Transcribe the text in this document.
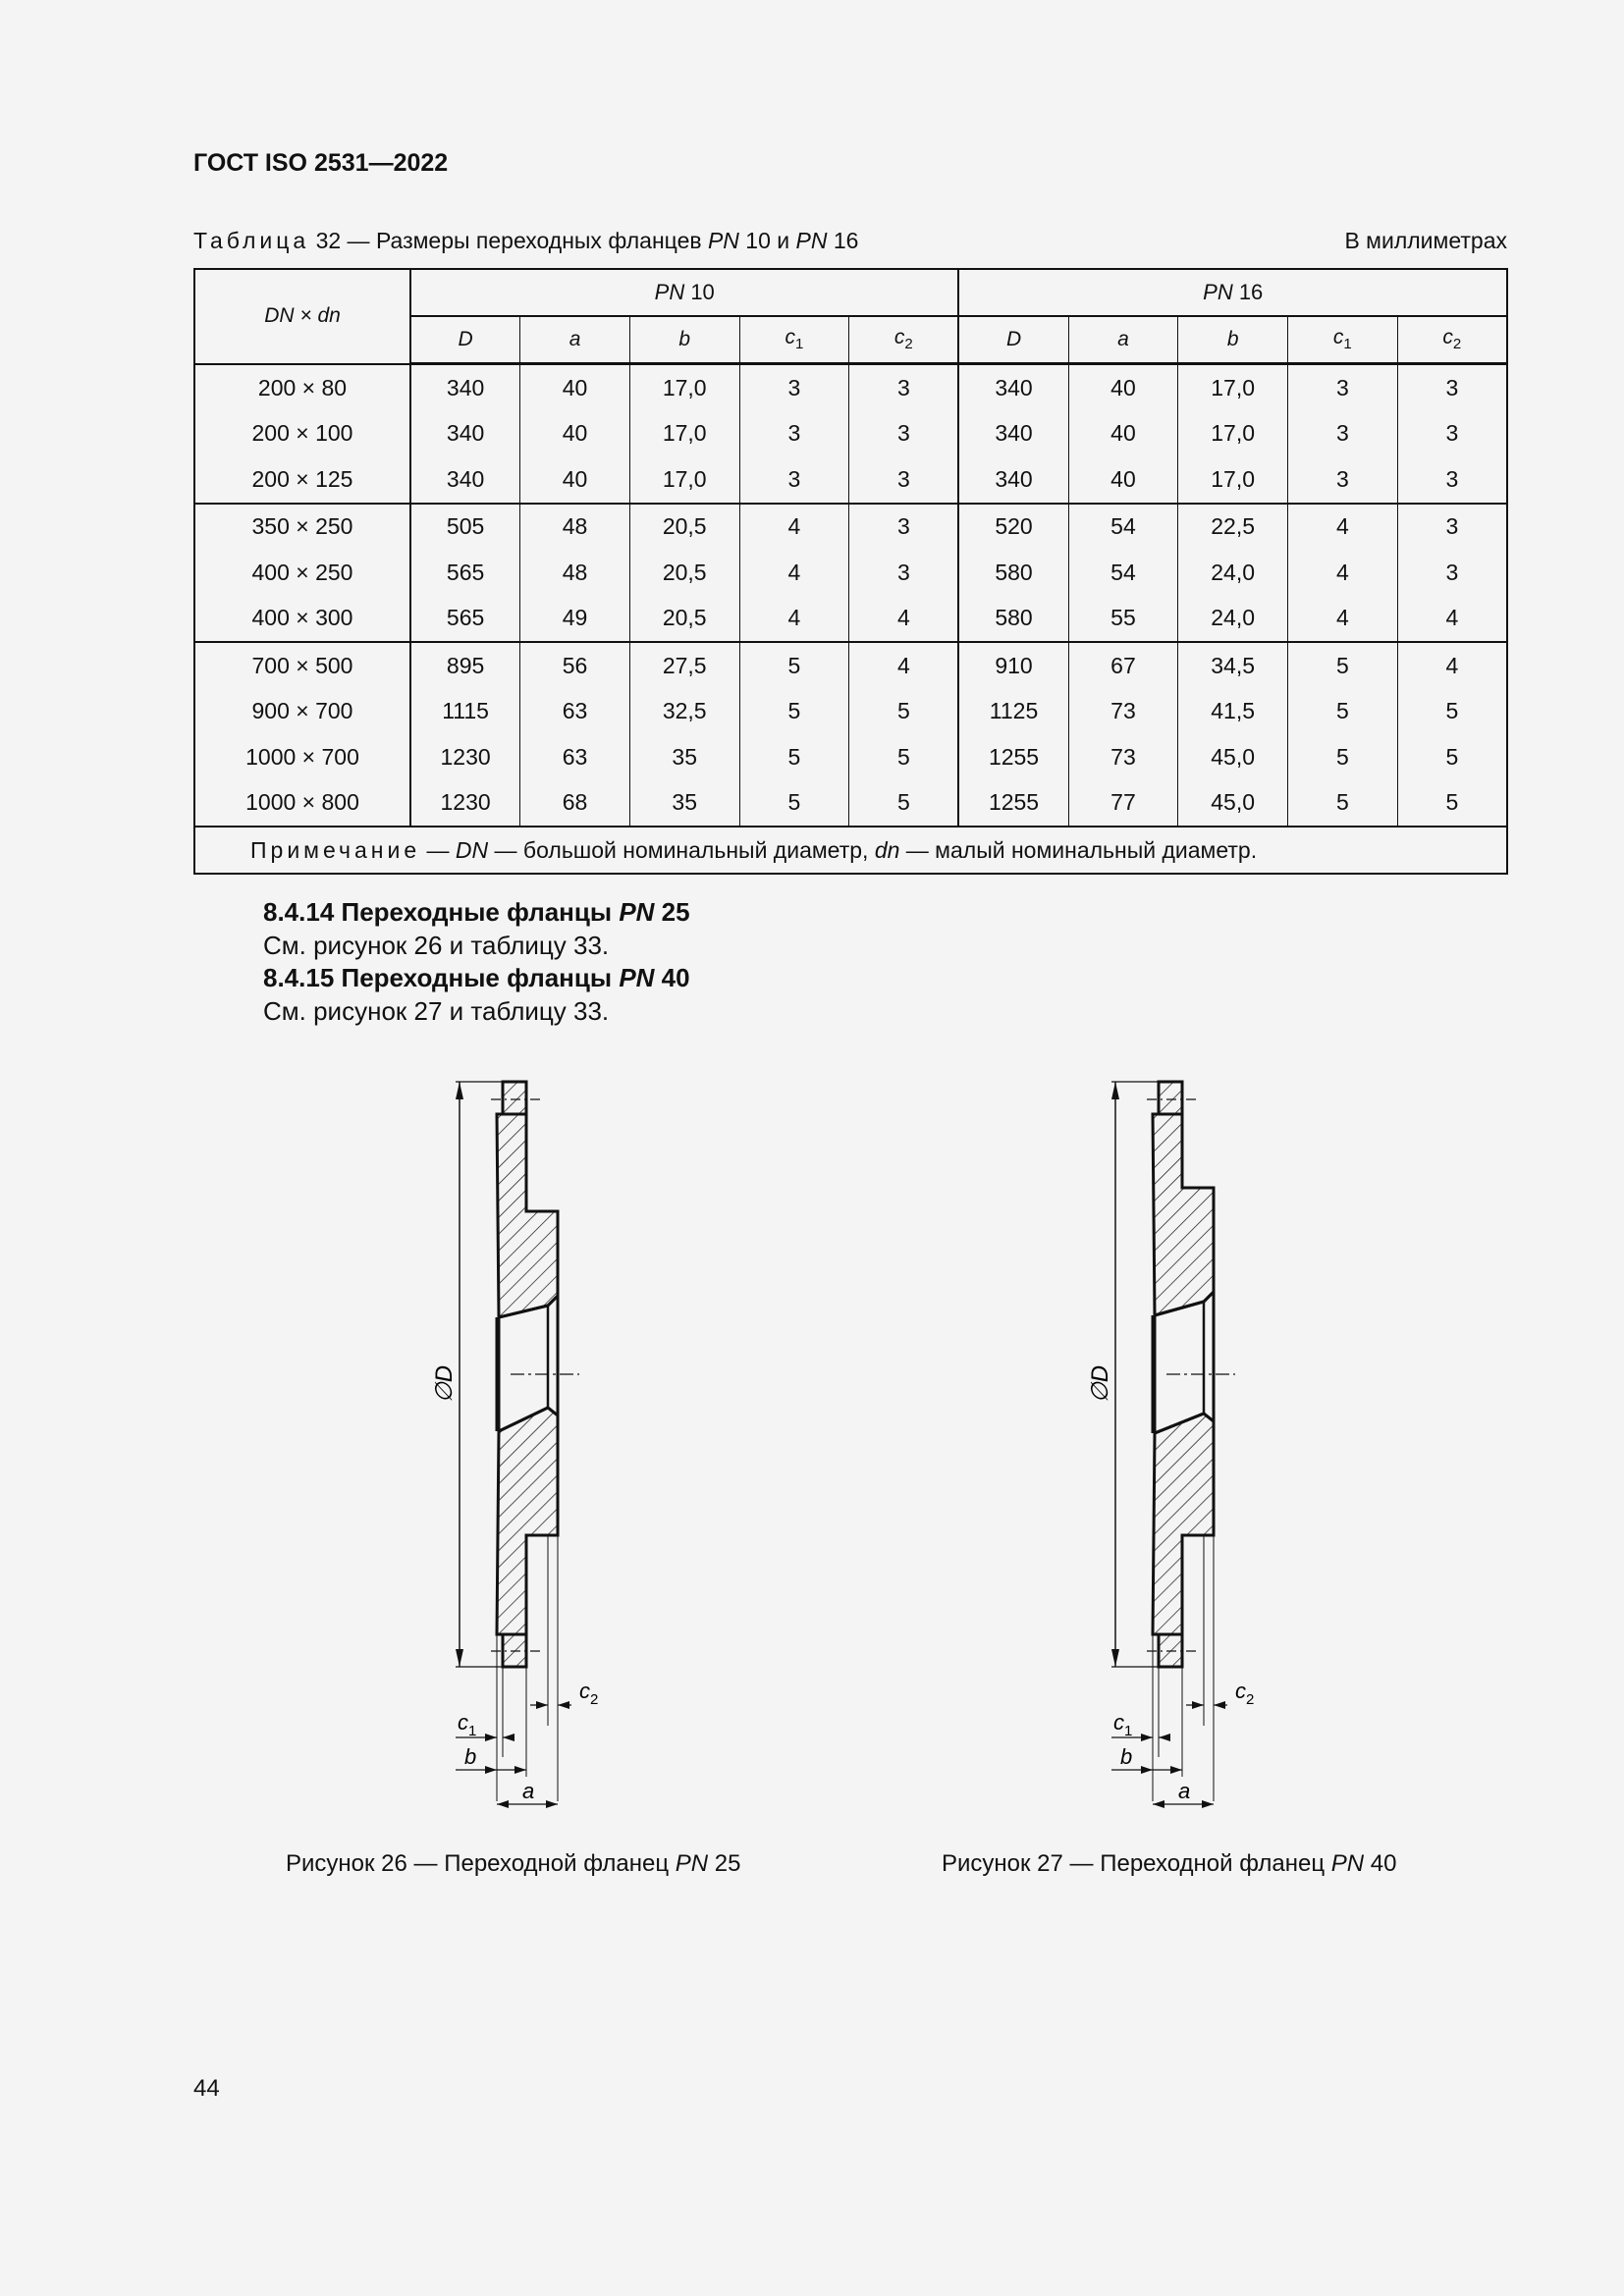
ГОСТ ISO 2531—2022
Таблица 32 — Размеры переходных фланцев PN 10 и PN 16	В миллиметрах
DN × dn	PN 10					PN 16				
	D	a	b	$c_1$	$c_2$	D	a	b	$c_1$	$c_2$
200 × 80	340	40	17,0	3	3	340	40	17,0	3	3
200 × 100	340	40	17,0	3	3	340	40	17,0	3	3
200 × 125	340	40	17,0	3	3	340	40	17,0	3	3
350 × 250	505	48	20,5	4	3	520	54	22,5	4	3
400 × 250	565	48	20,5	4	3	580	54	24,0	4	3
400 × 300	565	49	20,5	4	4	580	55	24,0	4	4
700 × 500	895	56	27,5	5	4	910	67	34,5	5	4
900 × 700	1115	63	32,5	5	5	1125	73	41,5	5	5
1000 × 700	1230	63	35	5	5	1255	73	45,0	5	5
1000 × 800	1230	68	35	5	5	1255	77	45,0	5	5
Примечание — DN — большой номинальный диаметр, dn — малый номинальный диаметр.										
8.4.14 Переходные фланцы PN 25
См. рисунок 26 и таблицу 33.
8.4.15 Переходные фланцы PN 40
См. рисунок 27 и таблицу 33.
∅D
$c_2$
$c_1$
b
a
∅D
$c_2$
$c_1$
b
a
Рисунок 26 — Переходной фланец PN 25	Рисунок 27 — Переходной фланец PN 40
44
